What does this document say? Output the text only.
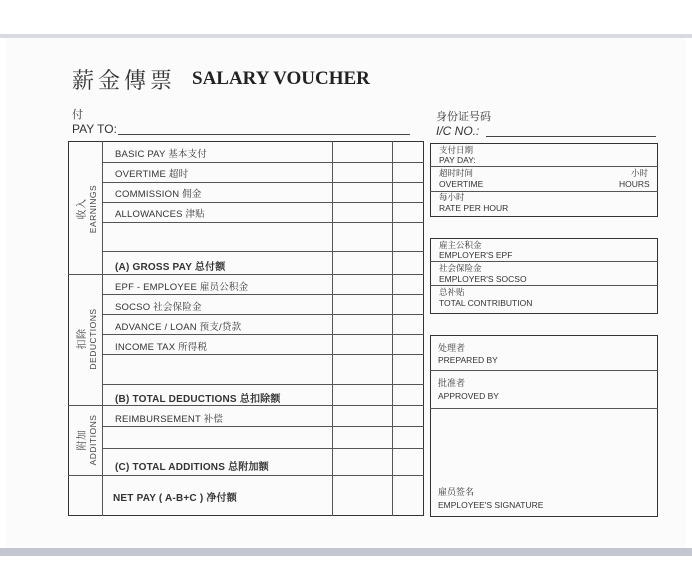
薪金傳票 SALARY VOUCHER
付
PAY TO:
身份证号码
I/C NO.:
BASIC PAY 基本支付
OVERTIME 超时
COMMISSION 佣金
ALLOWANCES 津贴
(A) GROSS PAY 总付额
EPF - EMPLOYEE 雇员公积金
SOCSO 社会保险金
ADVANCE / LOAN 预支/贷款
INCOME TAX 所得税
(B) TOTAL DEDUCTIONS 总扣除额
REIMBURSEMENT 补偿
(C) TOTAL ADDITIONS 总附加额
NET PAY ( A-B+C ) 净付额
收入 EARNINGS
扣除 DEDUCTIONS
附加 ADDITIONS
支付日期
PAY DAY:
超时时间
OVERTIME
小时
HOURS
每小时
RATE PER HOUR
雇主公积金
EMPLOYER'S EPF
社会保险金
EMPLOYER'S SOCSO
总补贴
TOTAL CONTRIBUTION
处理者
PREPARED BY
批准者
APPROVED BY
雇员签名
EMPLOYEE'S SIGNATURE
